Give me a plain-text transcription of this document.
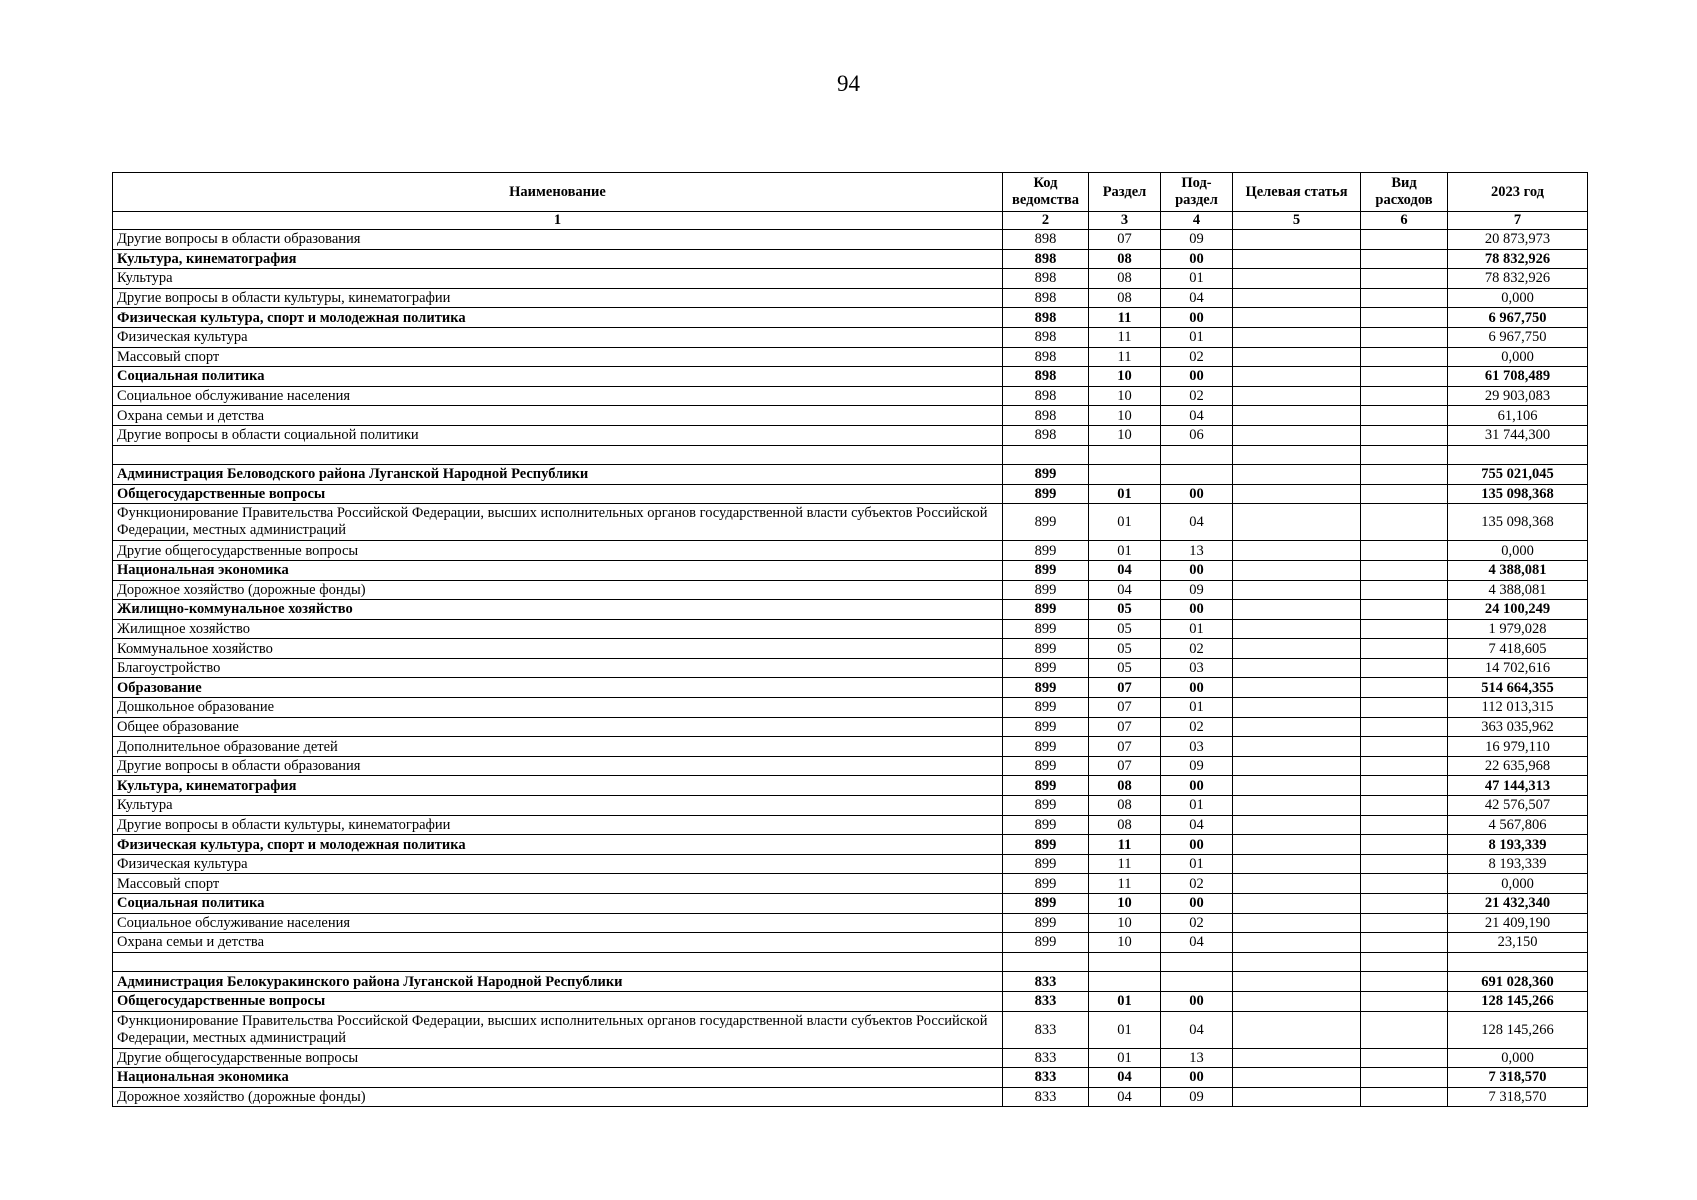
94
Наименование	Код ведомства	Раздел	Под-раздел	Целевая статья	Вид расходов	2023 год
1	2	3	4	5	6	7
Другие вопросы в области образования	898	07	09			20 873,973
Культура, кинематография	898	08	00			78 832,926
Культура	898	08	01			78 832,926
Другие вопросы в области культуры, кинематографии	898	08	04			0,000
Физическая культура, спорт и молодежная политика	898	11	00			6 967,750
Физическая культура	898	11	01			6 967,750
Массовый спорт	898	11	02			0,000
Социальная политика	898	10	00			61 708,489
Социальное обслуживание населения	898	10	02			29 903,083
Охрана семьи и детства	898	10	04			61,106
Другие вопросы в области социальной политики	898	10	06			31 744,300

Администрация Беловодского района Луганской Народной Республики	899					755 021,045
Общегосударственные вопросы	899	01	00			135 098,368
Функционирование Правительства Российской Федерации, высших исполнительных органов государственной власти субъектов Российской Федерации, местных администраций	899	01	04			135 098,368
Другие общегосударственные вопросы	899	01	13			0,000
Национальная экономика	899	04	00			4 388,081
Дорожное хозяйство (дорожные фонды)	899	04	09			4 388,081
Жилищно-коммунальное хозяйство	899	05	00			24 100,249
Жилищное хозяйство	899	05	01			1 979,028
Коммунальное хозяйство	899	05	02			7 418,605
Благоустройство	899	05	03			14 702,616
Образование	899	07	00			514 664,355
Дошкольное образование	899	07	01			112 013,315
Общее образование	899	07	02			363 035,962
Дополнительное образование детей	899	07	03			16 979,110
Другие вопросы в области образования	899	07	09			22 635,968
Культура, кинематография	899	08	00			47 144,313
Культура	899	08	01			42 576,507
Другие вопросы в области культуры, кинематографии	899	08	04			4 567,806
Физическая культура, спорт и молодежная политика	899	11	00			8 193,339
Физическая культура	899	11	01			8 193,339
Массовый спорт	899	11	02			0,000
Социальная политика	899	10	00			21 432,340
Социальное обслуживание населения	899	10	02			21 409,190
Охрана семьи и детства	899	10	04			23,150

Администрация Белокуракинского района Луганской Народной Республики	833					691 028,360
Общегосударственные вопросы	833	01	00			128 145,266
Функционирование Правительства Российской Федерации, высших исполнительных органов государственной власти субъектов Российской Федерации, местных администраций	833	01	04			128 145,266
Другие общегосударственные вопросы	833	01	13			0,000
Национальная экономика	833	04	00			7 318,570
Дорожное хозяйство (дорожные фонды)	833	04	09			7 318,570
